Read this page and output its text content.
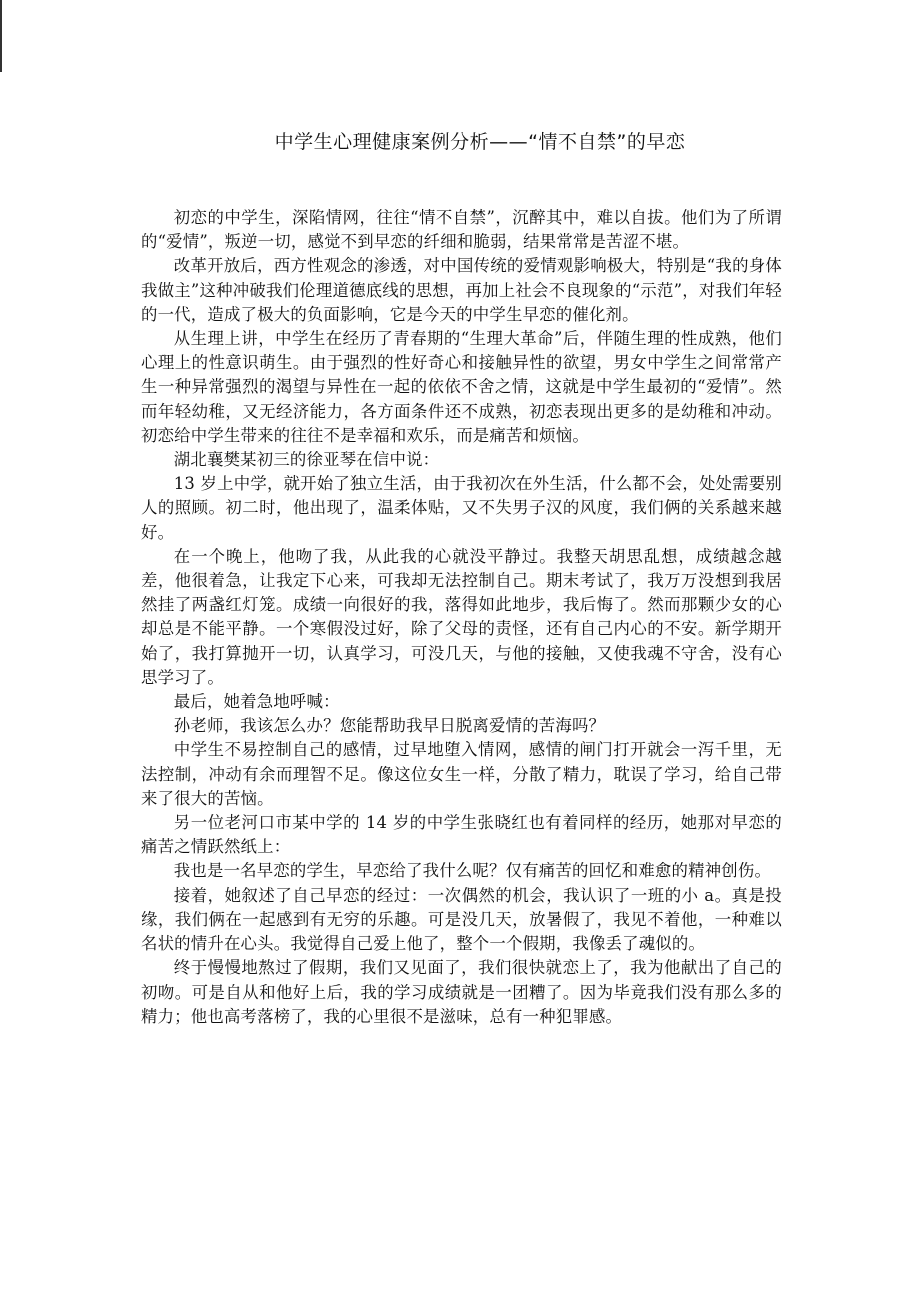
中学生心理健康案例分析——“情不自禁”的早恋

初恋的中学生，深陷情网，往往“情不自禁”，沉醉其中，难以自拔。他们为了所谓的“爱情”，叛逆一切，感觉不到早恋的纤细和脆弱，结果常常是苦涩不堪。

改革开放后，西方性观念的渗透，对中国传统的爱情观影响极大，特别是“我的身体我做主”这种冲破我们伦理道德底线的思想，再加上社会不良现象的“示范”，对我们年轻的一代，造成了极大的负面影响，它是今天的中学生早恋的催化剂。

从生理上讲，中学生在经历了青春期的“生理大革命”后，伴随生理的性成熟，他们心理上的性意识萌生。由于强烈的性好奇心和接触异性的欲望，男女中学生之间常常产生一种异常强烈的渴望与异性在一起的依依不舍之情，这就是中学生最初的“爱情”。然而年轻幼稚，又无经济能力，各方面条件还不成熟，初恋表现出更多的是幼稚和冲动。初恋给中学生带来的往往不是幸福和欢乐，而是痛苦和烦恼。

湖北襄樊某初三的徐亚琴在信中说：

13 岁上中学，就开始了独立生活，由于我初次在外生活，什么都不会，处处需要别人的照顾。初二时，他出现了，温柔体贴，又不失男子汉的风度，我们俩的关系越来越好。

在一个晚上，他吻了我，从此我的心就没平静过。我整天胡思乱想，成绩越念越差，他很着急，让我定下心来，可我却无法控制自己。期末考试了，我万万没想到我居然挂了两盏红灯笼。成绩一向很好的我，落得如此地步，我后悔了。然而那颗少女的心却总是不能平静。一个寒假没过好，除了父母的责怪，还有自己内心的不安。新学期开始了，我打算抛开一切，认真学习，可没几天，与他的接触，又使我魂不守舍，没有心思学习了。

最后，她着急地呼喊：

孙老师，我该怎么办？您能帮助我早日脱离爱情的苦海吗？

中学生不易控制自己的感情，过早地堕入情网，感情的闸门打开就会一泻千里，无法控制，冲动有余而理智不足。像这位女生一样，分散了精力，耽误了学习，给自己带来了很大的苦恼。

另一位老河口市某中学的 14 岁的中学生张晓红也有着同样的经历，她那对早恋的痛苦之情跃然纸上：

我也是一名早恋的学生，早恋给了我什么呢？仅有痛苦的回忆和难愈的精神创伤。

接着，她叙述了自己早恋的经过：一次偶然的机会，我认识了一班的小 a。真是投缘，我们俩在一起感到有无穷的乐趣。可是没几天，放暑假了，我见不着他，一种难以名状的情升在心头。我觉得自己爱上他了，整个一个假期，我像丢了魂似的。

终于慢慢地熬过了假期，我们又见面了，我们很快就恋上了，我为他献出了自己的初吻。可是自从和他好上后，我的学习成绩就是一团糟了。因为毕竟我们没有那么多的精力；他也高考落榜了，我的心里很不是滋味，总有一种犯罪感。
